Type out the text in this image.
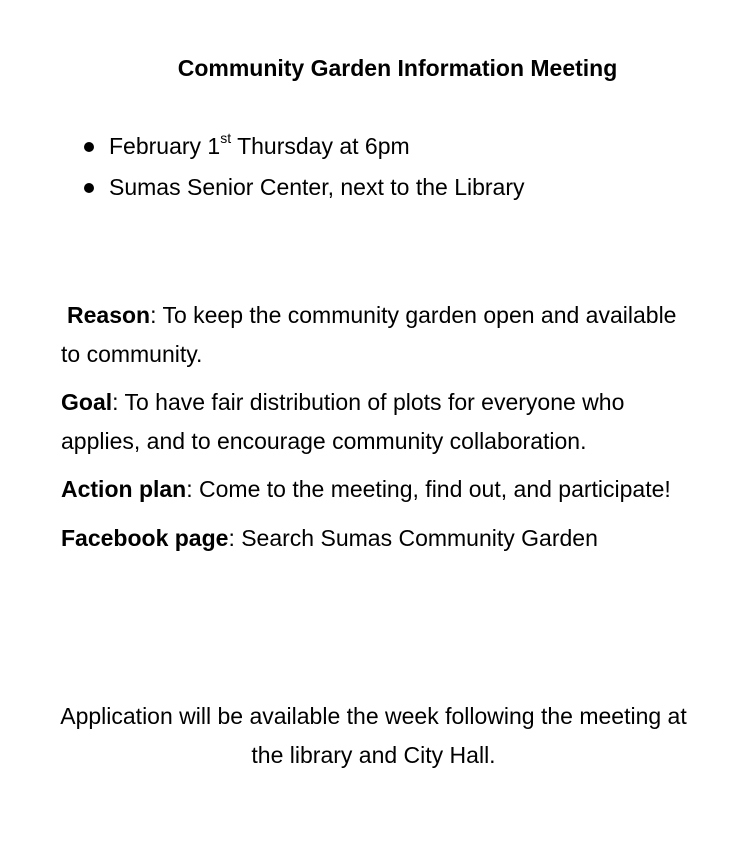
Community Garden Information Meeting
February 1st Thursday at 6pm
Sumas Senior Center, next to the Library

Reason: To keep the community garden open and available to community.

Goal: To have fair distribution of plots for everyone who applies, and to encourage community collaboration.

Action plan: Come to the meeting, find out, and participate!

Facebook page: Search Sumas Community Garden

Application will be available the week following the meeting at the library and City Hall.
